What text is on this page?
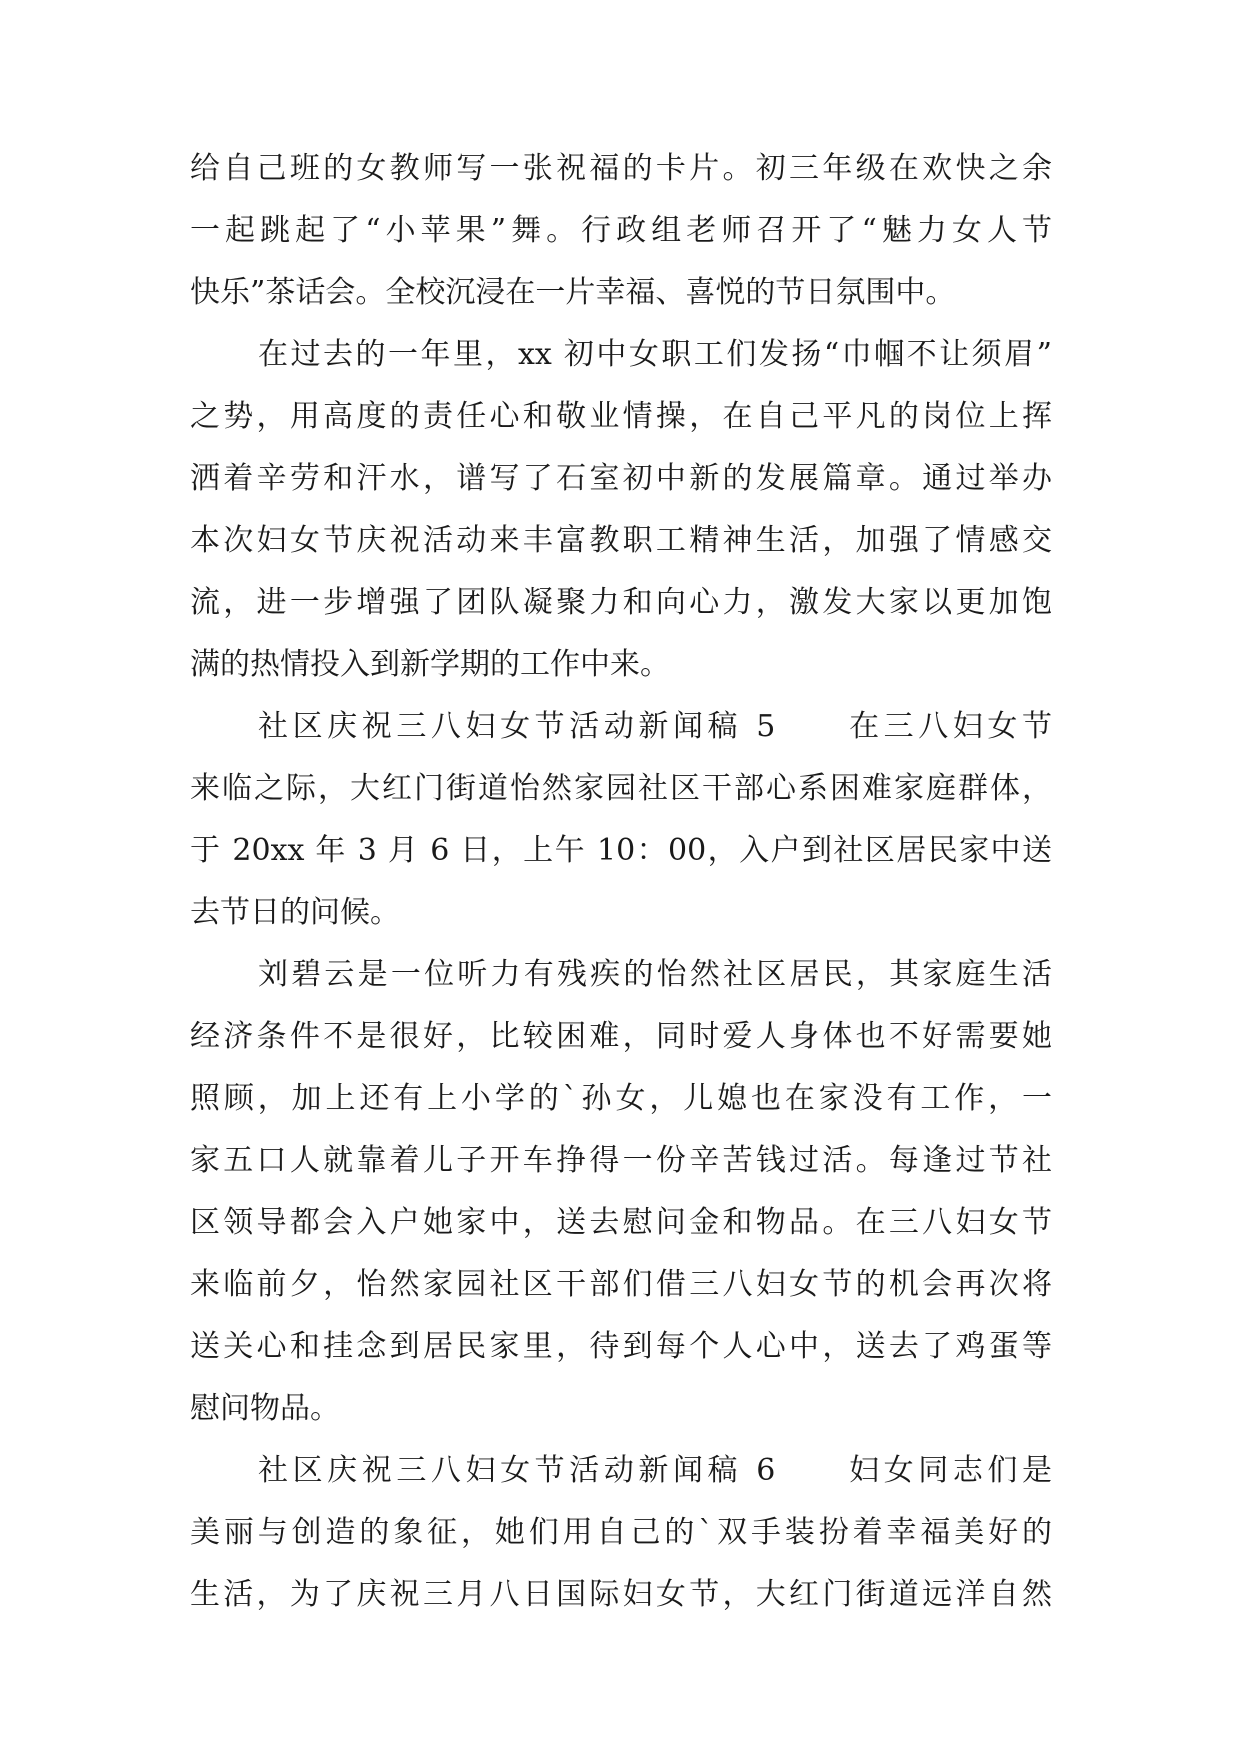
给自己班的女教师写一张祝福的卡片。初三年级在欢快之余
一起跳起了“小苹果”舞。行政组老师召开了“魅力女人节
快乐”茶话会。全校沉浸在一片幸福、喜悦的节日氛围中。
在过去的一年里，xx 初中女职工们发扬“巾帼不让须眉”
之势，用高度的责任心和敬业情操，在自己平凡的岗位上挥
洒着辛劳和汗水，谱写了石室初中新的发展篇章。通过举办
本次妇女节庆祝活动来丰富教职工精神生活，加强了情感交
流，进一步增强了团队凝聚力和向心力，激发大家以更加饱
满的热情投入到新学期的工作中来。
社区庆祝三八妇女节活动新闻稿 5　　在三八妇女节
来临之际，大红门街道怡然家园社区干部心系困难家庭群体，
于 20xx 年 3 月 6 日，上午 10：00，入户到社区居民家中送
去节日的问候。
刘碧云是一位听力有残疾的怡然社区居民，其家庭生活
经济条件不是很好，比较困难，同时爱人身体也不好需要她
照顾，加上还有上小学的`孙女，儿媳也在家没有工作，一
家五口人就靠着儿子开车挣得一份辛苦钱过活。每逢过节社
区领导都会入户她家中，送去慰问金和物品。在三八妇女节
来临前夕，怡然家园社区干部们借三八妇女节的机会再次将
送关心和挂念到居民家里，待到每个人心中，送去了鸡蛋等
慰问物品。
社区庆祝三八妇女节活动新闻稿 6　　妇女同志们是
美丽与创造的象征，她们用自己的`双手装扮着幸福美好的
生活，为了庆祝三月八日国际妇女节，大红门街道远洋自然
